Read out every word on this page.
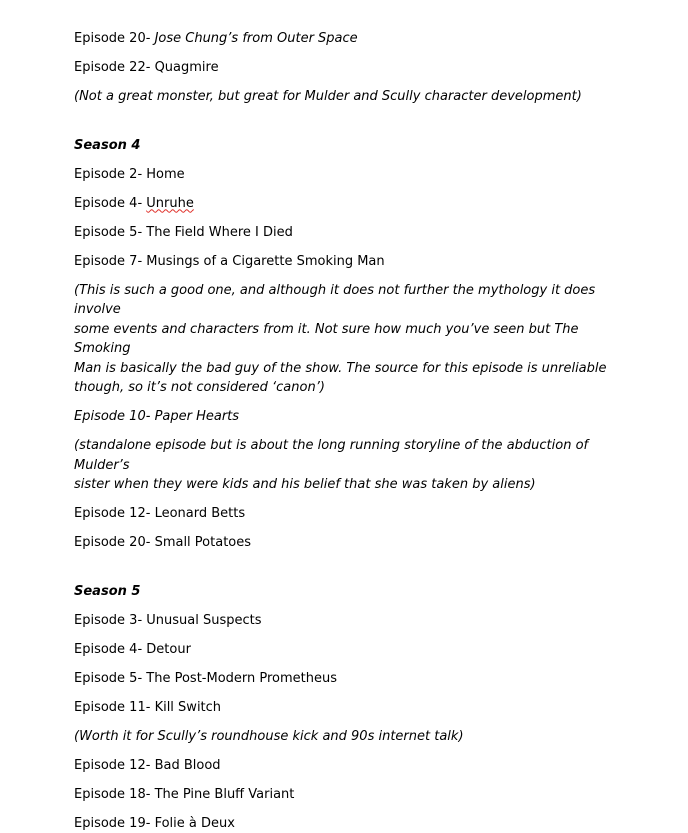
Episode 20- Jose Chung’s from Outer Space
Episode 22- Quagmire
(Not a great monster, but great for Mulder and Scully character development)
Season 4
Episode 2- Home
Episode 4- Unruhe
Episode 5- The Field Where I Died
Episode 7- Musings of a Cigarette Smoking Man
(This is such a good one, and although it does not further the mythology it does involve
some events and characters from it. Not sure how much you’ve seen but The Smoking
Man is basically the bad guy of the show. The source for this episode is unreliable
though, so it’s not considered ‘canon’)
Episode 10- Paper Hearts
(standalone episode but is about the long running storyline of the abduction of Mulder’s
sister when they were kids and his belief that she was taken by aliens)
Episode 12- Leonard Betts
Episode 20- Small Potatoes
Season 5
Episode 3- Unusual Suspects
Episode 4- Detour
Episode 5- The Post-Modern Prometheus
Episode 11- Kill Switch
(Worth it for Scully’s roundhouse kick and 90s internet talk)
Episode 12- Bad Blood
Episode 18- The Pine Bluff Variant
Episode 19- Folie à Deux
